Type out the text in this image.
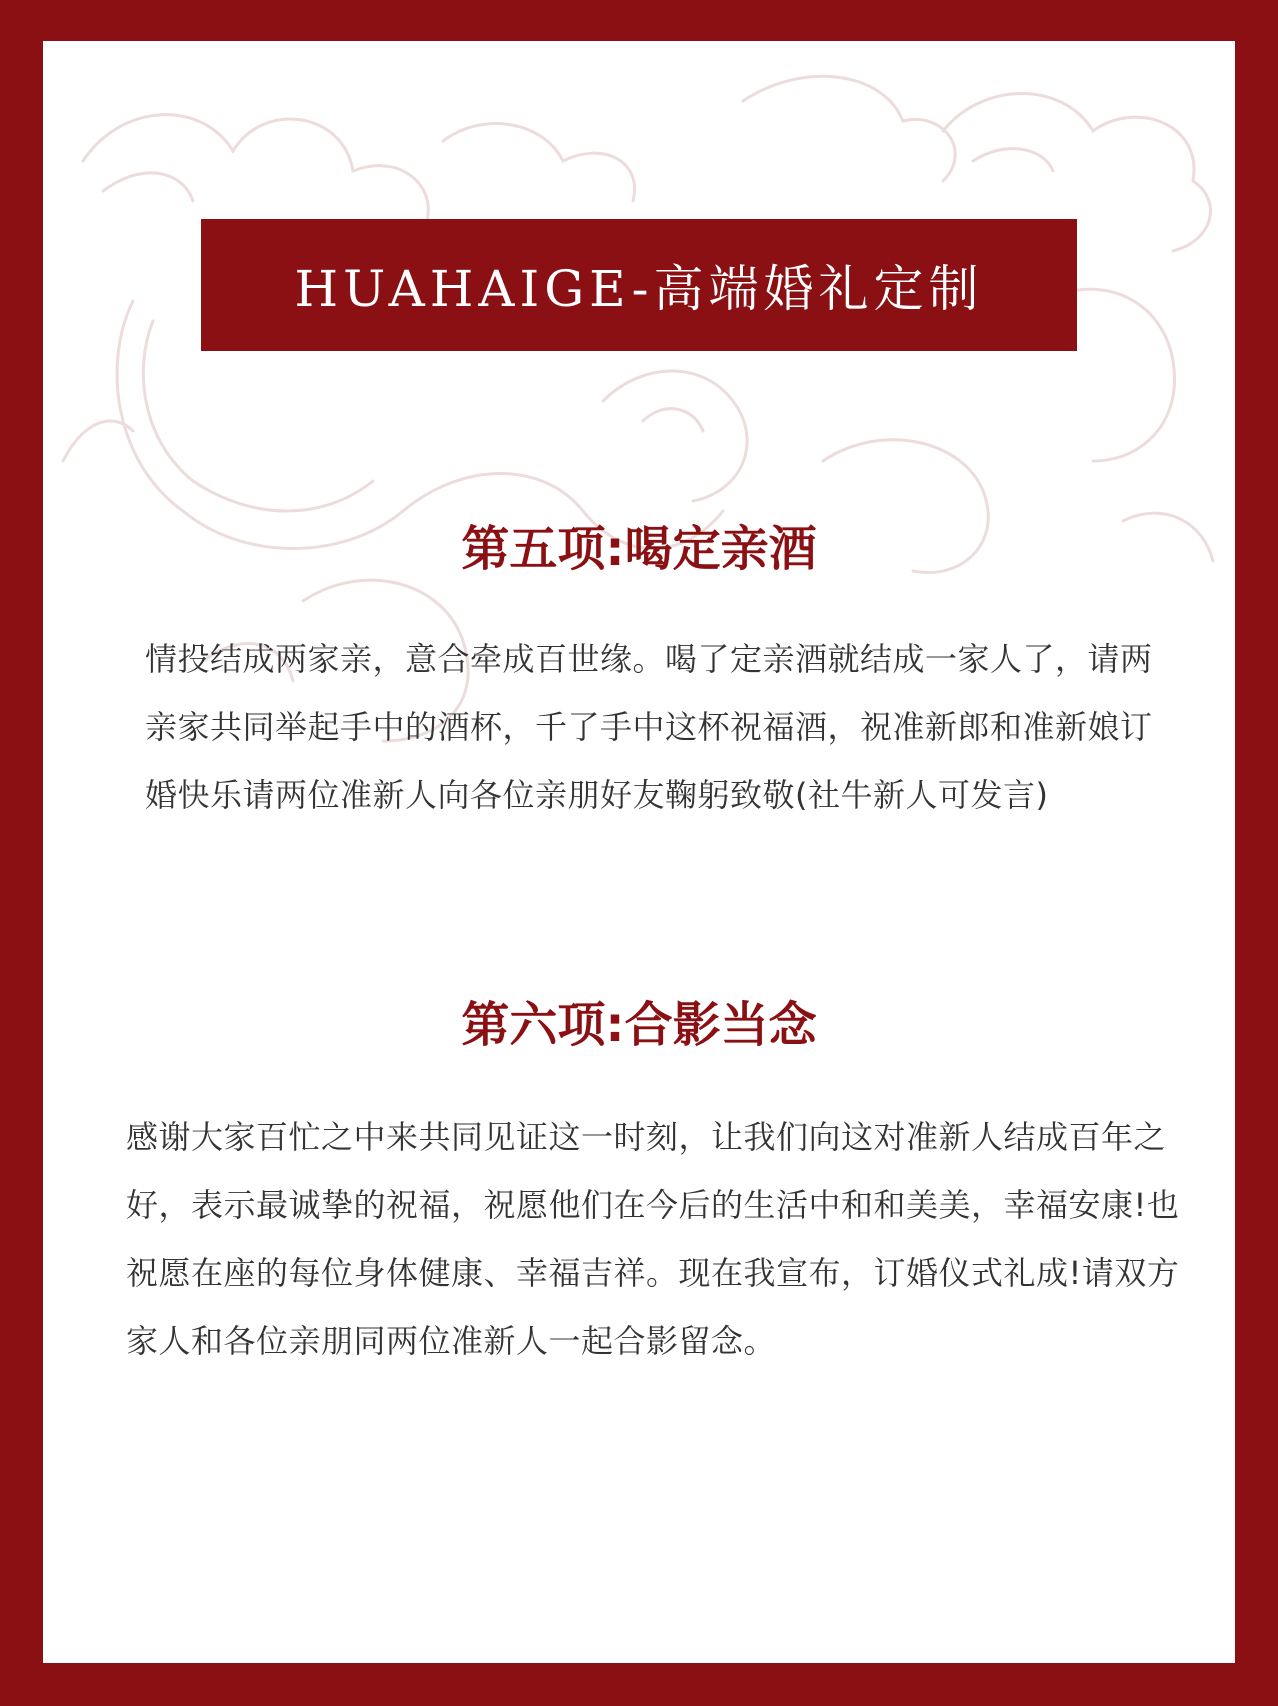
HUAHAIGE-高端婚礼定制
第五项:喝定亲酒
情投结成两家亲，意合牵成百世缘。喝了定亲酒就结成一家人了，请两亲家共同举起手中的酒杯，千了手中这杯祝福酒，祝准新郎和准新娘订婚快乐请两位准新人向各位亲朋好友鞠躬致敬(社牛新人可发言)
第六项:合影当念
感谢大家百忙之中来共同见证这一时刻，让我们向这对准新人结成百年之好，表示最诚挚的祝福，祝愿他们在今后的生活中和和美美，幸福安康!也祝愿在座的每位身体健康、幸福吉祥。现在我宣布，订婚仪式礼成!请双方家人和各位亲朋同两位准新人一起合影留念。
